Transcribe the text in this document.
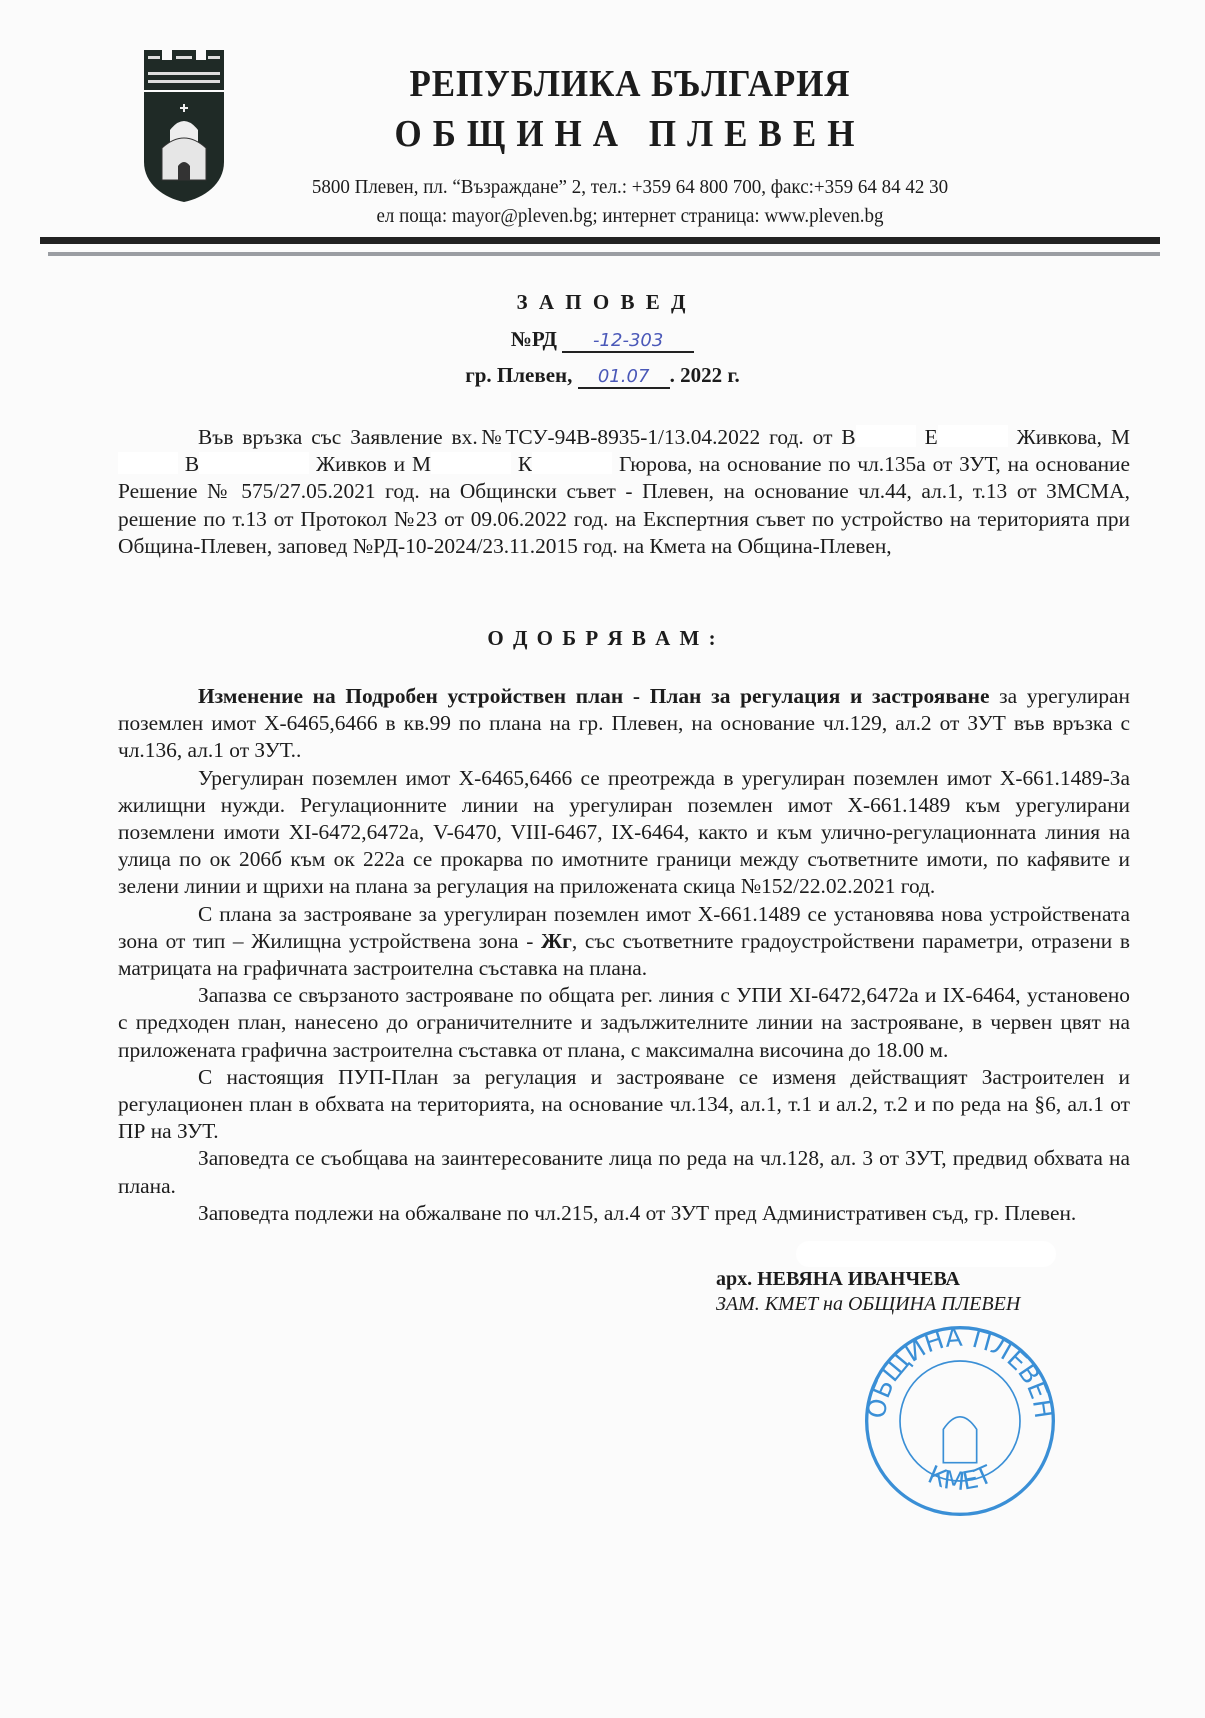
РЕПУБЛИКА БЪЛГАРИЯ
ОБЩИНА ПЛЕВЕН
5800 Плевен, пл. “Възраждане” 2, тел.: +359 64 800 700, факс:+359 64 84 42 30
ел поща: mayor@pleven.bg; интернет страница: www.pleven.bg
З А П О В Е Д
№РД -12-303
гр. Плевен, 01.07 . 2022 г.

Във връзка със Заявление вх.№ТСУ-94В-8935-1/13.04.2022 год. от В	Е	Живкова, М В	Живков и М	К	Гюрова, на основание по чл.135а от ЗУТ, на основание Решение № 575/27.05.2021 год. на Общински съвет - Плевен, на основание чл.44, ал.1, т.13 от ЗМСМА, решение по т.13 от Протокол №23 от 09.06.2022 год. на Експертния съвет по устройство на територията при Община-Плевен, заповед №РД-10-2024/23.11.2015 год. на Кмета на Община-Плевен,

О Д О Б Р Я В А М :

Изменение на Подробен устройствен план - План за регулация и застрояване за урегулиран поземлен имот Х-6465,6466 в кв.99 по плана на гр. Плевен, на основание чл.129, ал.2 от ЗУТ във връзка с чл.136, ал.1 от ЗУТ..

Урегулиран поземлен имот Х-6465,6466 се преотрежда в урегулиран поземлен имот Х-661.1489-За жилищни нужди. Регулационните линии на урегулиран поземлен имот Х-661.1489 към урегулирани поземлени имоти XI-6472,6472а, V-6470, VIII-6467, IX-6464, както и към улично-регулационната линия на улица по ок 206б към ок 222а се прокарва по имотните граници между съответните имоти, по кафявите и зелени линии и щрихи на плана за регулация на приложената скица №152/22.02.2021 год.

С плана за застрояване за урегулиран поземлен имот Х-661.1489 се установява нова устройствената зона от тип – Жилищна устройствена зона - Жг, със съответните градоустройствени параметри, отразени в матрицата на графичната застроителна съставка на плана.

Запазва се свързаното застрояване по общата рег. линия с УПИ XI-6472,6472а и IX-6464, установено с предходен план, нанесено до ограничителните и задължителните линии на застрояване, в червен цвят на приложената графична застроителна съставка от плана, с максимална височина до 18.00 м.

С настоящия ПУП-План за регулация и застрояване се изменя действащият Застроителен и регулационен план в обхвата на територията, на основание чл.134, ал.1, т.1 и ал.2, т.2 и по реда на §6, ал.1 от ПР на ЗУТ.

Заповедта се съобщава на заинтересованите лица по реда на чл.128, ал. 3 от ЗУТ, предвид обхвата на плана.

Заповедта подлежи на обжалване по чл.215, ал.4 от ЗУТ пред Административен съд, гр. Плевен.

арх. НЕВЯНА ИВАНЧЕВА
ЗАМ. КМЕТ на ОБЩИНА ПЛЕВЕН
ОБЩИНА ПЛЕВЕН
КМЕТ
